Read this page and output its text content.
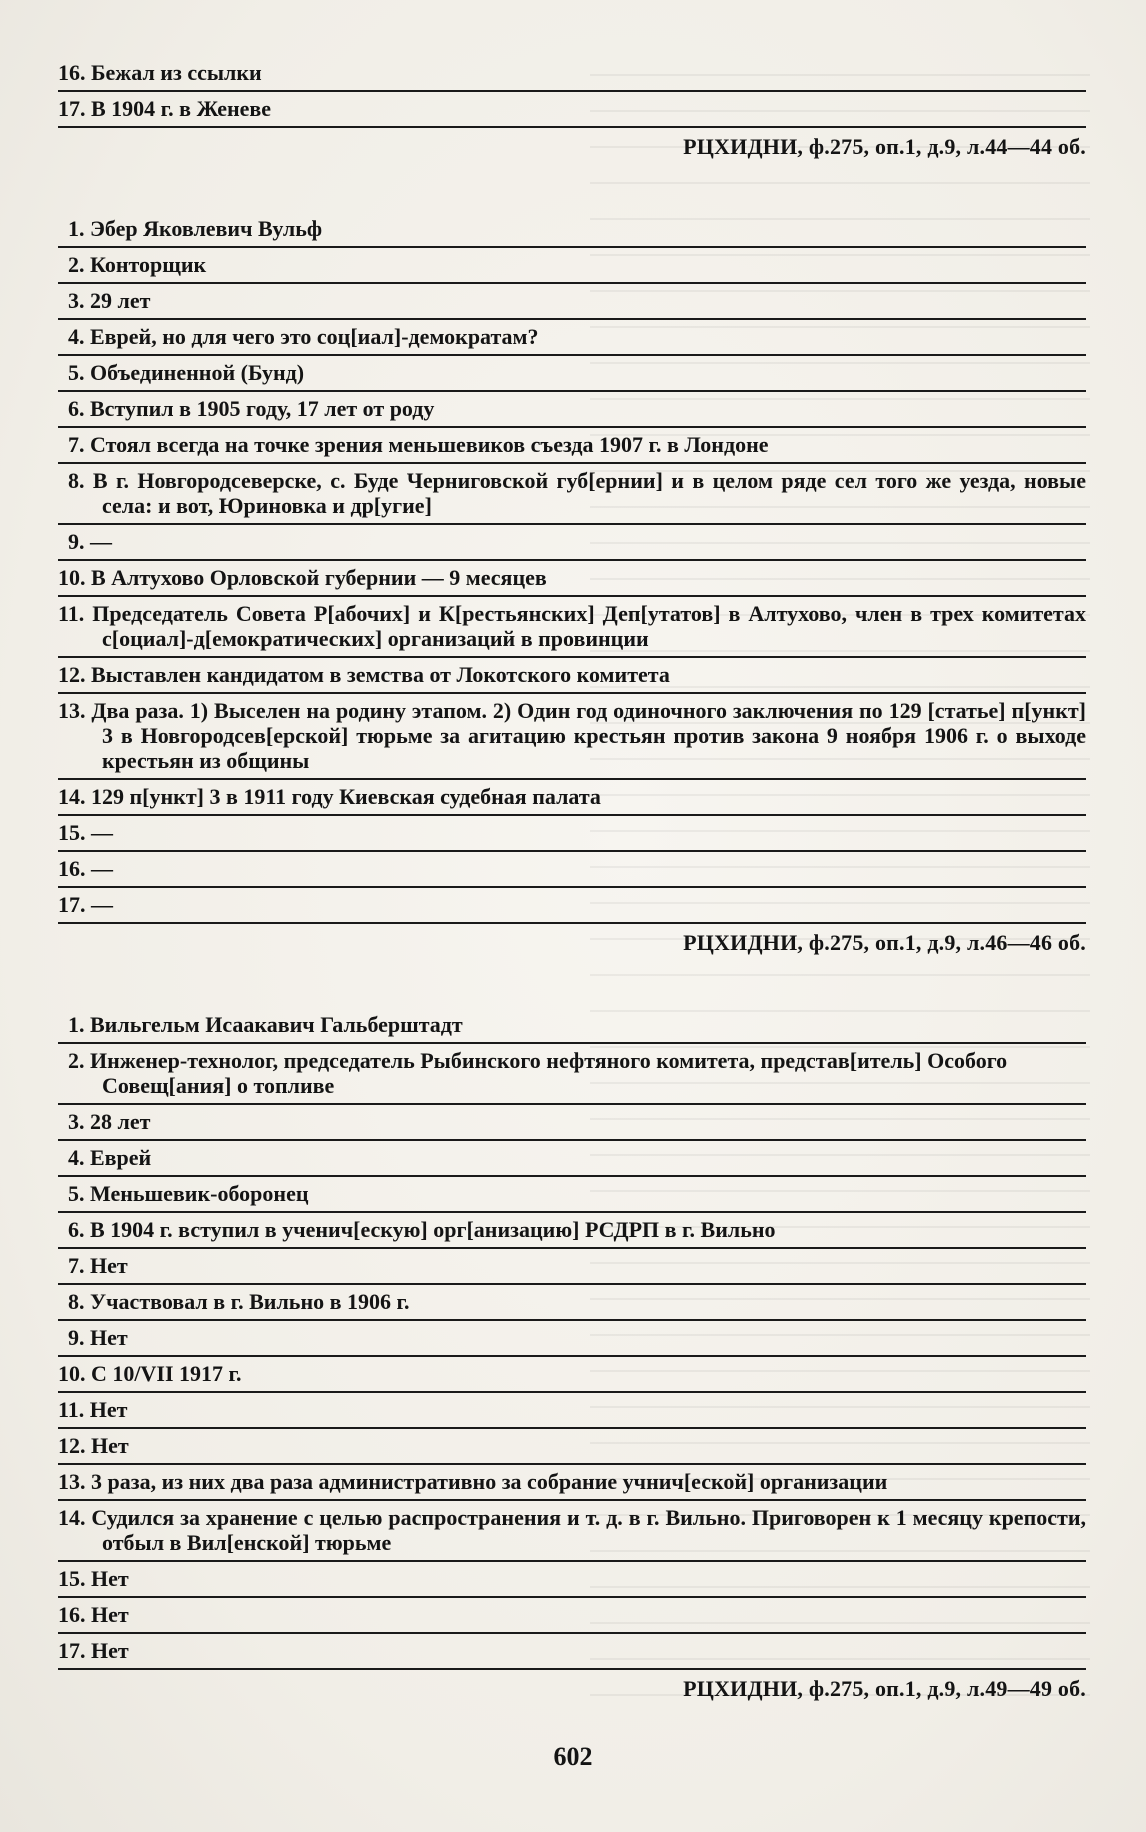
16. Бежал из ссылки
17. В 1904 г. в Женеве
РЦХИДНИ, ф.275, оп.1, д.9, л.44—44 об.
1. Эбер Яковлевич Вульф
2. Конторщик
3. 29 лет
4. Еврей, но для чего это соц[иал]-демократам?
5. Объединенной (Бунд)
6. Вступил в 1905 году, 17 лет от роду
7. Стоял всегда на точке зрения меньшевиков съезда 1907 г. в Лондоне
8. В г. Новгородсеверске, с. Буде Черниговской губ[ернии] и в целом ряде сел того же уезда, новые села: и вот, Юриновка и др[угие]
9. —
10. В Алтухово Орловской губернии — 9 месяцев
11. Председатель Совета Р[абочих] и К[рестьянских] Деп[утатов] в Алтухово, член в трех комитетах с[оциал]-д[емократических] организаций в провинции
12. Выставлен кандидатом в земства от Локотского комитета
13. Два раза. 1) Выселен на родину этапом. 2) Один год одиночного заключения по 129 [статье] п[ункт] 3 в Новгородсев[ерской] тюрьме за агитацию крестьян против закона 9 ноября 1906 г. о выходе крестьян из общины
14. 129 п[ункт] 3 в 1911 году Киевская судебная палата
15. —
16. —
17. —
РЦХИДНИ, ф.275, оп.1, д.9, л.46—46 об.
1. Вильгельм Исаакавич Гальберштадт
2. Инженер-технолог, председатель Рыбинского нефтяного комитета, представ[итель] Особого Совещ[ания] о топливе
3. 28 лет
4. Еврей
5. Меньшевик-оборонец
6. В 1904 г. вступил в ученич[ескую] орг[анизацию] РСДРП в г. Вильно
7. Нет
8. Участвовал в г. Вильно в 1906 г.
9. Нет
10. С 10/VII 1917 г.
11. Нет
12. Нет
13. 3 раза, из них два раза административно за собрание учнич[еской] организации
14. Судился за хранение с целью распространения и т. д. в г. Вильно. Приговорен к 1 месяцу крепости, отбыл в Вил[енской] тюрьме
15. Нет
16. Нет
17. Нет
РЦХИДНИ, ф.275, оп.1, д.9, л.49—49 об.
602
